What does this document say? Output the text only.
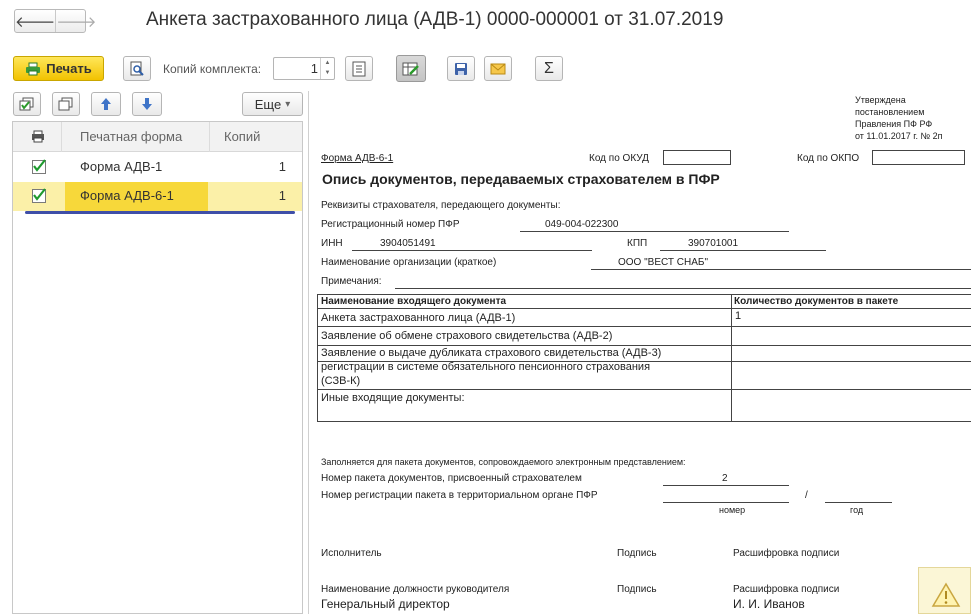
🡐 🡒	Анкета застрахованного лица (АДВ-1) 0000-000001 от 31.07.2019
Печать	Копий комплекта:	1	▲
▼	Σ
Еще ▾
Печатная форма	Копий
Форма АДВ-1	1
Форма АДВ-6-1	1
Утверждена
постановлением
Правления ПФ РФ
от 11.01.2017 г. № 2п
Форма АДВ-6-1	Код по ОКУД	Код по ОКПО
Опись документов, передаваемых страхователем в ПФР
Реквизиты страхователя, передающего документы:
Регистрационный номер ПФР	049-004-022300
ИНН	3904051491	КПП	390701001
Наименование организации (краткое)	ООО "ВЕСТ СНАБ"
Примечания:
Наименование входящего документа	Количество документов в пакете
Анкета застрахованного лица (АДВ-1)	1
Заявление об обмене страхового свидетельства (АДВ-2)
Заявление о выдаче дубликата страхового свидетельства (АДВ-3)
регистрации в системе обязательного пенсионного страхования
(СЗВ-К)
Иные входящие документы:
Заполняется для пакета документов, сопровождаемого электронным представлением:
Номер пакета документов, присвоенный страхователем	2
Номер регистрации пакета в территориальном органе ПФР	/
номер	год
Исполнитель	Подпись	Расшифровка подписи
Наименование должности руководителя	Подпись	Расшифровка подписи
Генеральный директор	И. И. Иванов
